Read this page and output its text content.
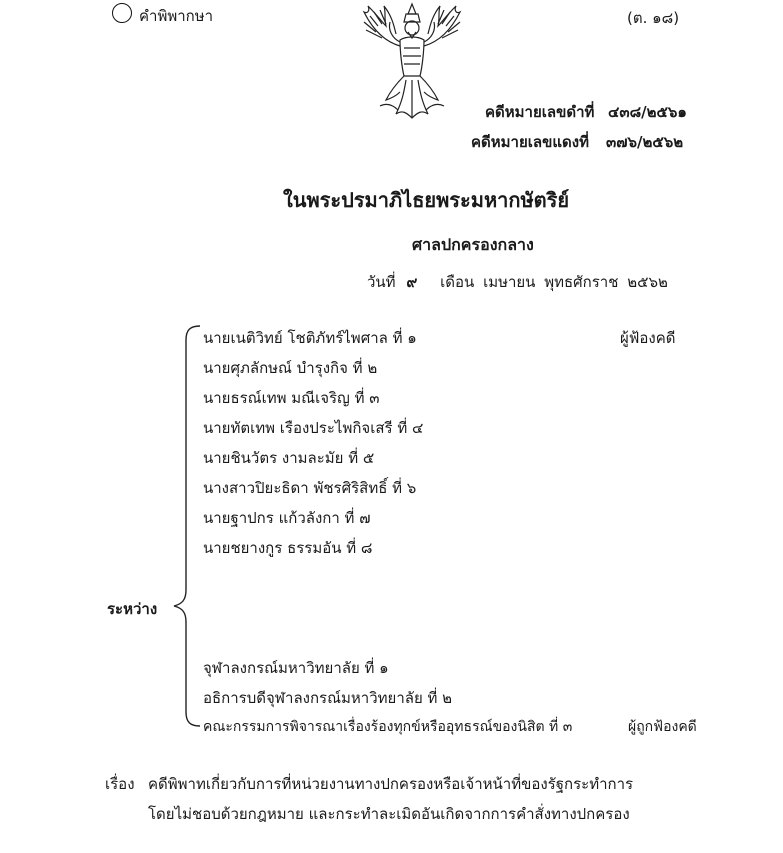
คำพิพากษา	(ต. ๑๘)
คดีหมายเลขดำที่ ๔๓๘/๒๕๖๑
คดีหมายเลขแดงที่ ๓๗๖/๒๕๖๒
ในพระปรมาภิไธยพระมหากษัตริย์
ศาลปกครองกลาง
วันที่ ๙ เดือน เมษายน พุทธศักราช ๒๕๖๒
ระหว่าง
นายเนติวิทย์ โชติภัทร์ไพศาล ที่ ๑
นายศุภลักษณ์ บำรุงกิจ ที่ ๒
นายธรณ์เทพ มณีเจริญ ที่ ๓
นายทัตเทพ เรืองประไพกิจเสรี ที่ ๔
นายชินวัตร งามละมัย ที่ ๕
นางสาวปิยะธิดา พัชรศิริสิทธิ์ ที่ ๖
นายฐาปกร แก้วลังกา ที่ ๗
นายชยางกูร ธรรมอัน ที่ ๘
ผู้ฟ้องคดี
จุฬาลงกรณ์มหาวิทยาลัย ที่ ๑
อธิการบดีจุฬาลงกรณ์มหาวิทยาลัย ที่ ๒
คณะกรรมการพิจารณาเรื่องร้องทุกข์หรืออุทธรณ์ของนิสิต ที่ ๓	ผู้ถูกฟ้องคดี
เรื่อง คดีพิพาทเกี่ยวกับการที่หน่วยงานทางปกครองหรือเจ้าหน้าที่ของรัฐกระทำการ
โดยไม่ชอบด้วยกฎหมาย และกระทำละเมิดอันเกิดจากการคำสั่งทางปกครอง
